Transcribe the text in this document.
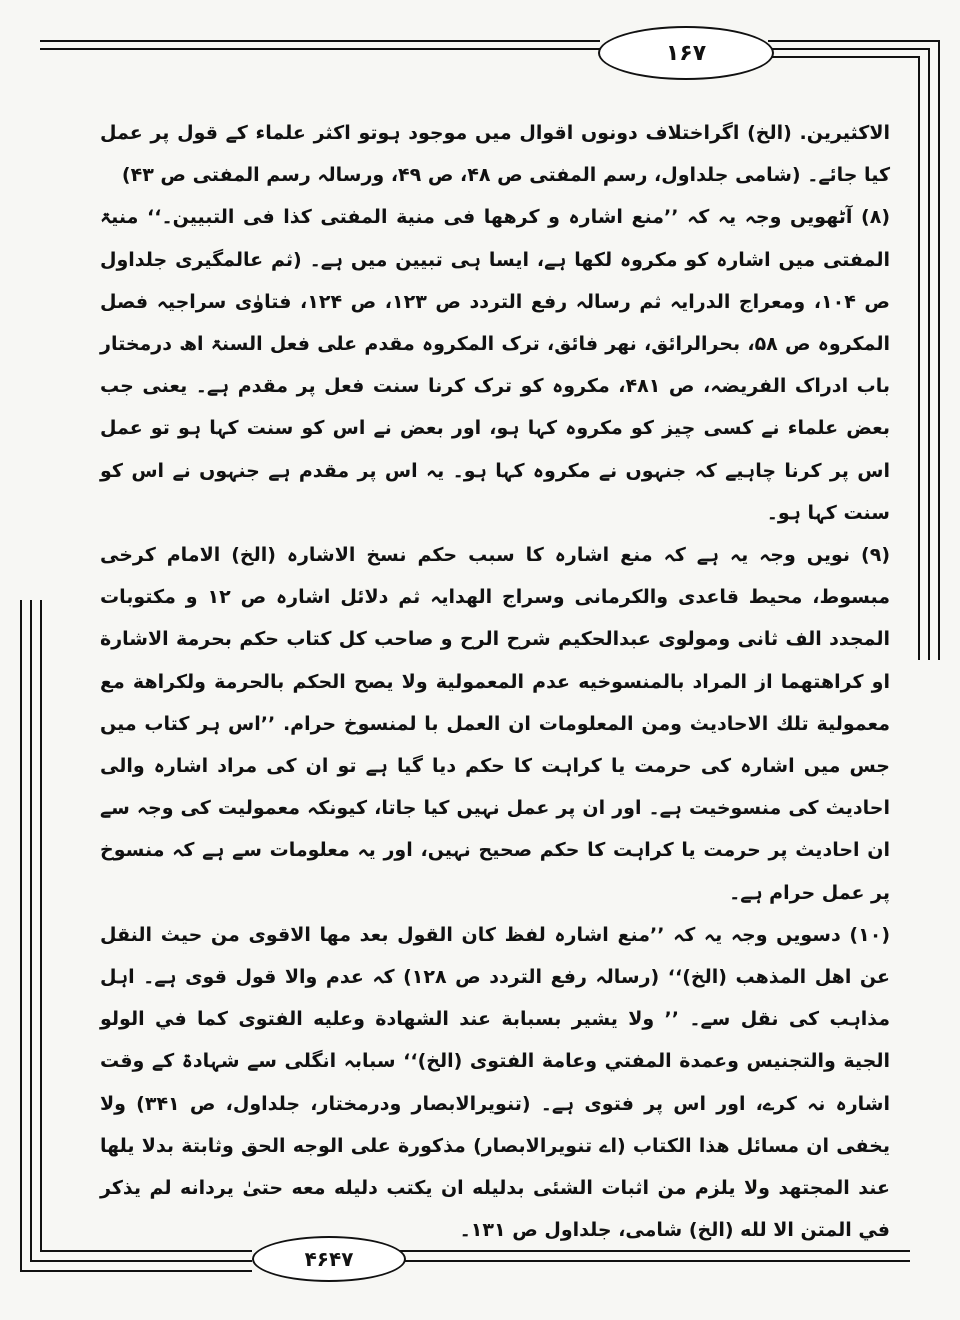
۱۶۷
۴۶۴۷

الاکثیرین. (الخ) اگراختلاف دونوں اقوال میں موجود ہوتو اکثر علماء کے قول پر عمل کیا جائے۔ (شامی جلداول، رسم المفتی ص ۴۸، ص ۴۹، ورسالہ رسم المفتی ص ۴۳)

(۸) آٹھویں وجہ یہ کہ ’’منع اشارہ و کرهها فی منیة المفتی کذا فی التبیین۔‘‘ منیۃ المفتی میں اشارہ کو مکروہ لکھا ہے، ایسا ہی تبیین میں ہے۔ (ثم عالمگیری جلداول ص ۱۰۴، ومعراج الدرایہ ثم رسالہ رفع التردد ص ۱۲۳، ص ۱۲۴، فتاوٰی سراجیہ فصل المکروہ ص ۵۸، بحرالرائق، نھر فائق، ترک المکروہ مقدم علی فعل السنۃ اھ درمختار باب ادراک الفریضہ، ص ۴۸۱، مکروہ کو ترک کرنا سنت فعل پر مقدم ہے۔ یعنی جب بعض علماء نے کسی چیز کو مکروہ کہا ہو، اور بعض نے اس کو سنت کہا ہو تو عمل اس پر کرنا چاہیے کہ جنہوں نے مکروہ کہا ہو۔ یہ اس پر مقدم ہے جنہوں نے اس کو سنت کہا ہو۔

(۹) نویں وجہ یہ ہے کہ منع اشارہ کا سبب حکم نسخ الاشارہ (الخ) الامام کرخی مبسوط، محیط قاعدی والکرمانی وسراج الھدایہ ثم دلائل اشارہ ص ۱۲ و مکتوبات المجدد الف ثانی ومولوی عبدالحکیم شرح الرح و صاحب کل کتاب حکم بحرمة الاشارة او كراهتهما از المراد بالمنسوخيه عدم المعمولية ولا يصح الحكم بالحرمة ولكراهة مع معمولية تلك الاحاديث ومن المعلومات ان العمل با لمنسوخ حرام. ’’اس ہر کتاب میں جس میں اشارہ کی حرمت یا کراہت کا حکم دیا گیا ہے تو ان کی مراد اشارہ والی احادیث کی منسوخیت ہے۔ اور ان پر عمل نہیں کیا جاتا، کیونکہ معمولیت کی وجہ سے ان احادیث پر حرمت یا کراہت کا حکم صحیح نہیں، اور یہ معلومات سے ہے کہ منسوخ پر عمل حرام ہے۔

(۱۰) دسویں وجہ یہ کہ ’’منع اشارہ لفظ کان القول بعد مها الاقوی من حیث النقل عن اهل المذهب (الخ)‘‘ (رسالہ رفع التردد ص ۱۲۸) کہ عدم والا قول قوی ہے۔ اہل مذاہب کی نقل سے۔ ’’ ولا يشير بسبابة عند الشهادة وعليه الفتوى كما في الولو الجية والتجنيس وعمدة المفتي وعامة الفتوى (الخ)‘‘ سبابہ انگلی سے شہادۃ کے وقت اشارہ نہ کرے، اور اس پر فتوی ہے۔ (تنویرالابصار ودرمختار، جلداول، ص ۳۴۱) ولا يخفى ان مسائل هذا الكتاب (اے تنویرالابصار) مذكورة على الوجه الحق وثابتة بدلا يلها عند المجتهد ولا يلزم من اثبات الشئى بدليله ان يكتب دليله معه حتىٰ يردانه لم يذكر في المتن الا لله (الخ) شامی، جلداول ص ۱۳۱۔
